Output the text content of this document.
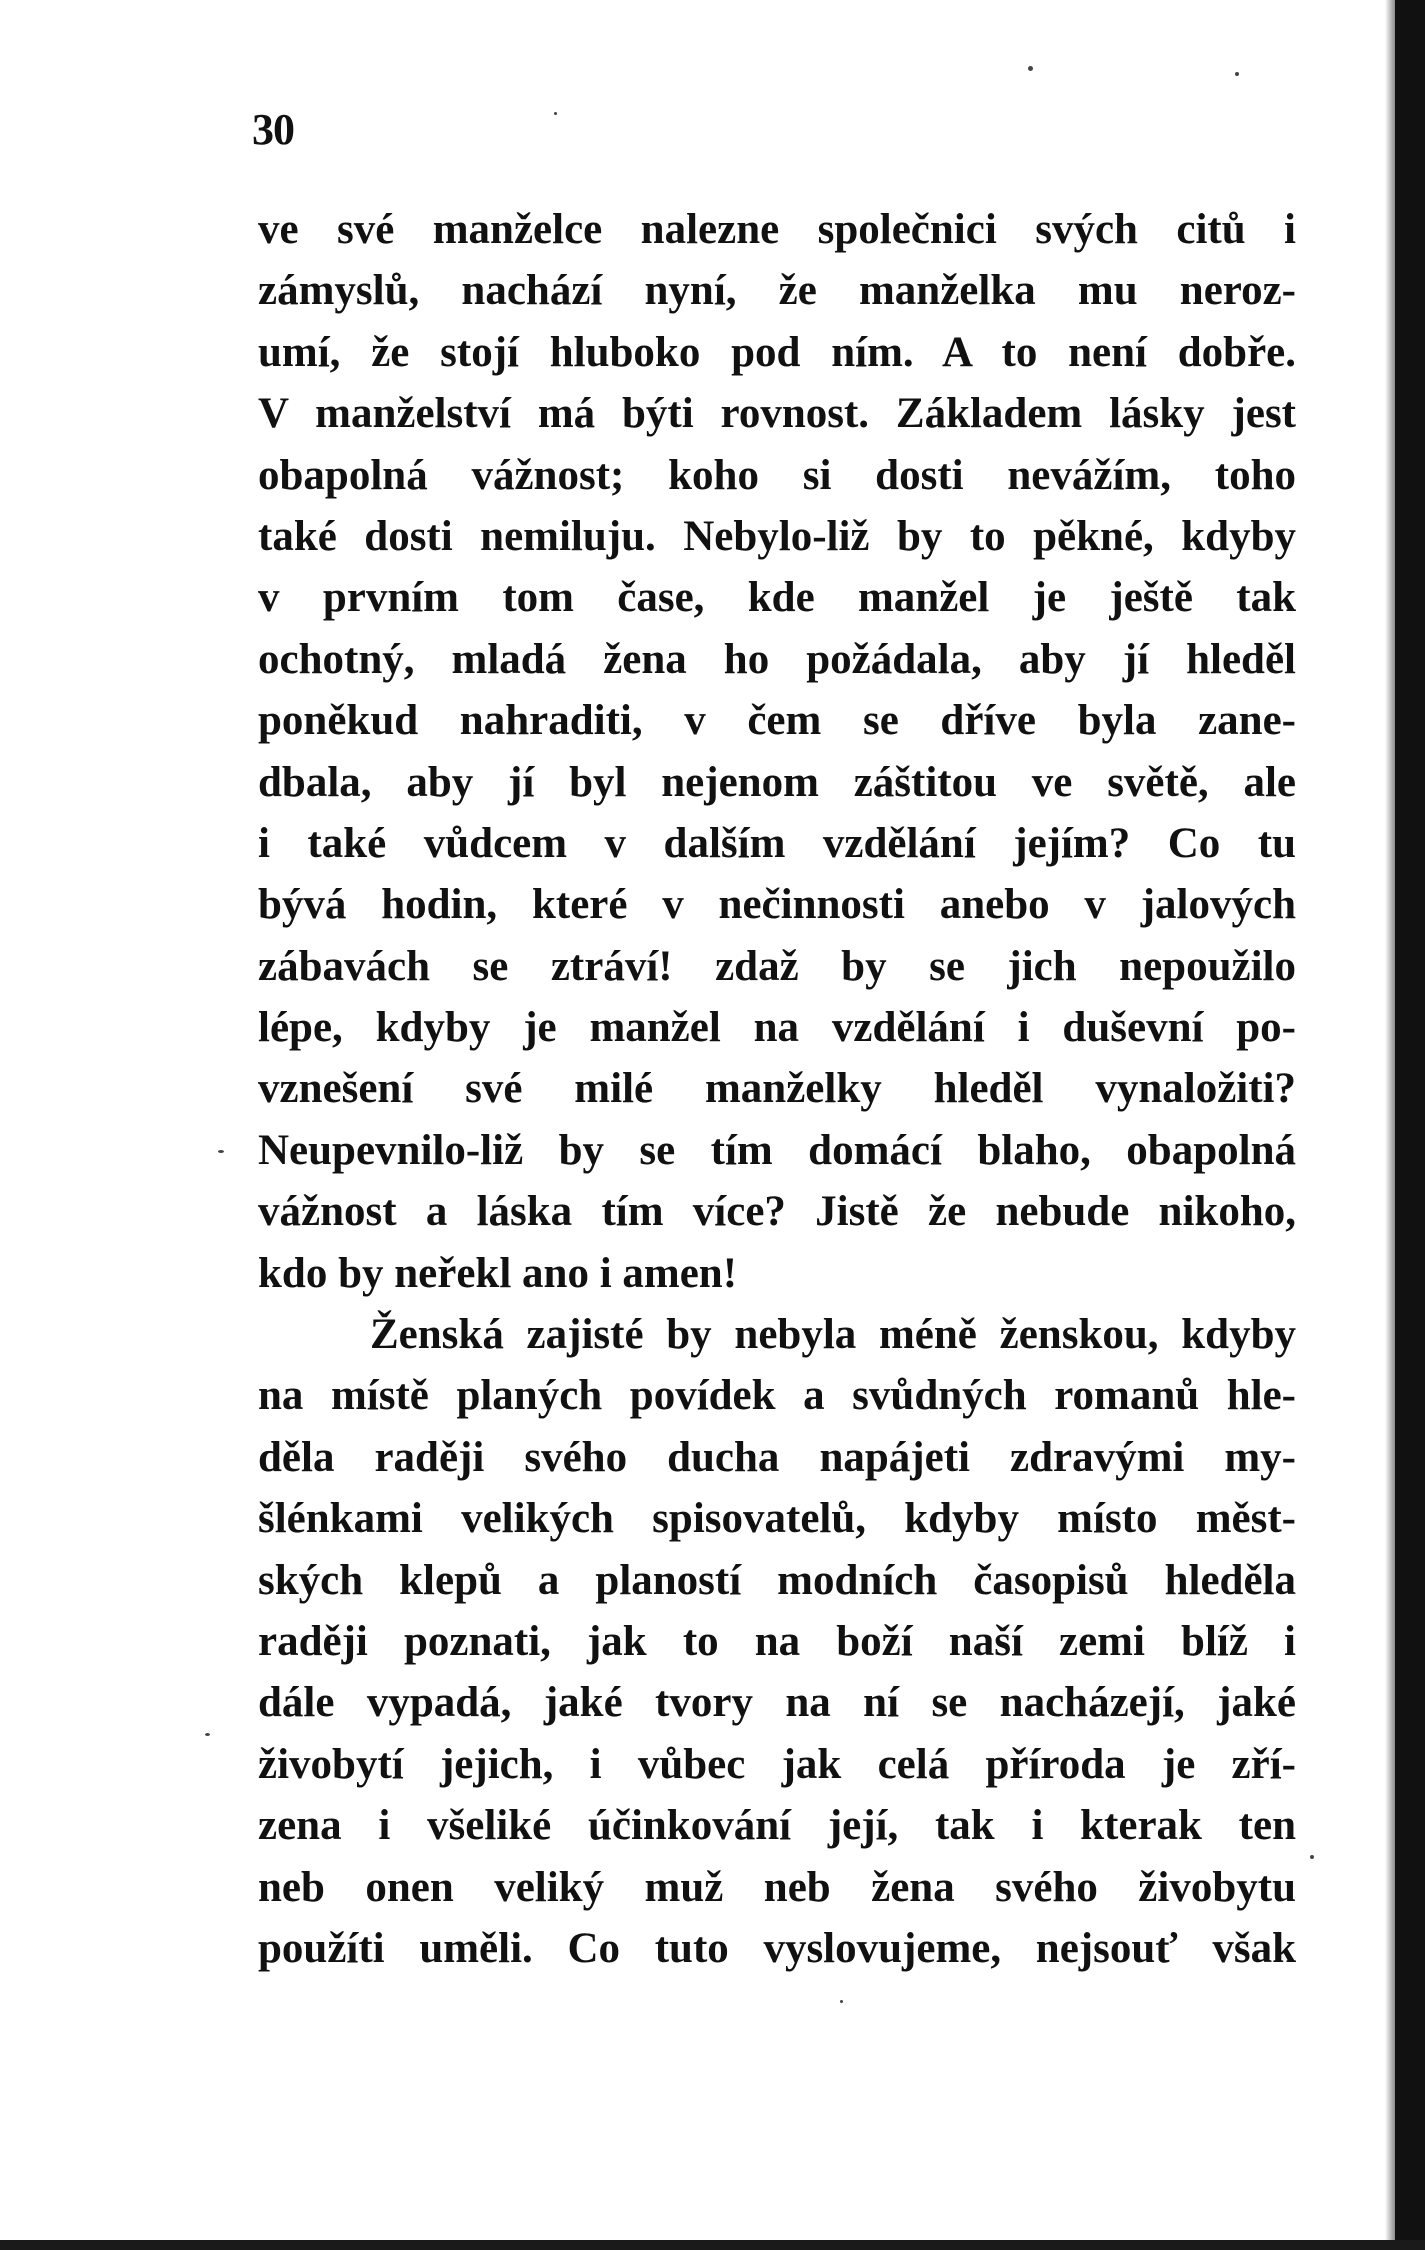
30
ve své manželce nalezne společnici svých citů i
zámyslů, nachází nyní, že manželka mu neroz-
umí, že stojí hluboko pod ním. A to není dobře.
V manželství má býti rovnost. Základem lásky jest
obapolná vážnost; koho si dosti nevážím, toho
také dosti nemiluju. Nebylo-liž by to pěkné, kdyby
v prvním tom čase, kde manžel je ještě tak
ochotný, mladá žena ho požádala, aby jí hleděl
poněkud nahraditi, v čem se dříve byla zane-
dbala, aby jí byl nejenom záštitou ve světě, ale
i také vůdcem v dalším vzdělání jejím? Co tu
bývá hodin, které v nečinnosti anebo v jalových
zábavách se ztráví! zdaž by se jich nepoužilo
lépe, kdyby je manžel na vzdělání i duševní po-
vznešení své milé manželky hleděl vynaložiti?
Neupevnilo-liž by se tím domácí blaho, obapolná
vážnost a láska tím více? Jistě že nebude nikoho,
kdo by neřekl ano i amen!
Ženská zajisté by nebyla méně ženskou, kdyby
na místě planých povídek a svůdných romanů hle-
děla raději svého ducha napájeti zdravými my-
šlénkami velikých spisovatelů, kdyby místo měst-
ských klepů a plaností modních časopisů hleděla
raději poznati, jak to na boží naší zemi blíž i
dále vypadá, jaké tvory na ní se nacházejí, jaké
živobytí jejich, i vůbec jak celá příroda je zří-
zena i všeliké účinkování její, tak i kterak ten
neb onen veliký muž neb žena svého živobytu
použíti uměli. Co tuto vyslovujeme, nejsouť však
